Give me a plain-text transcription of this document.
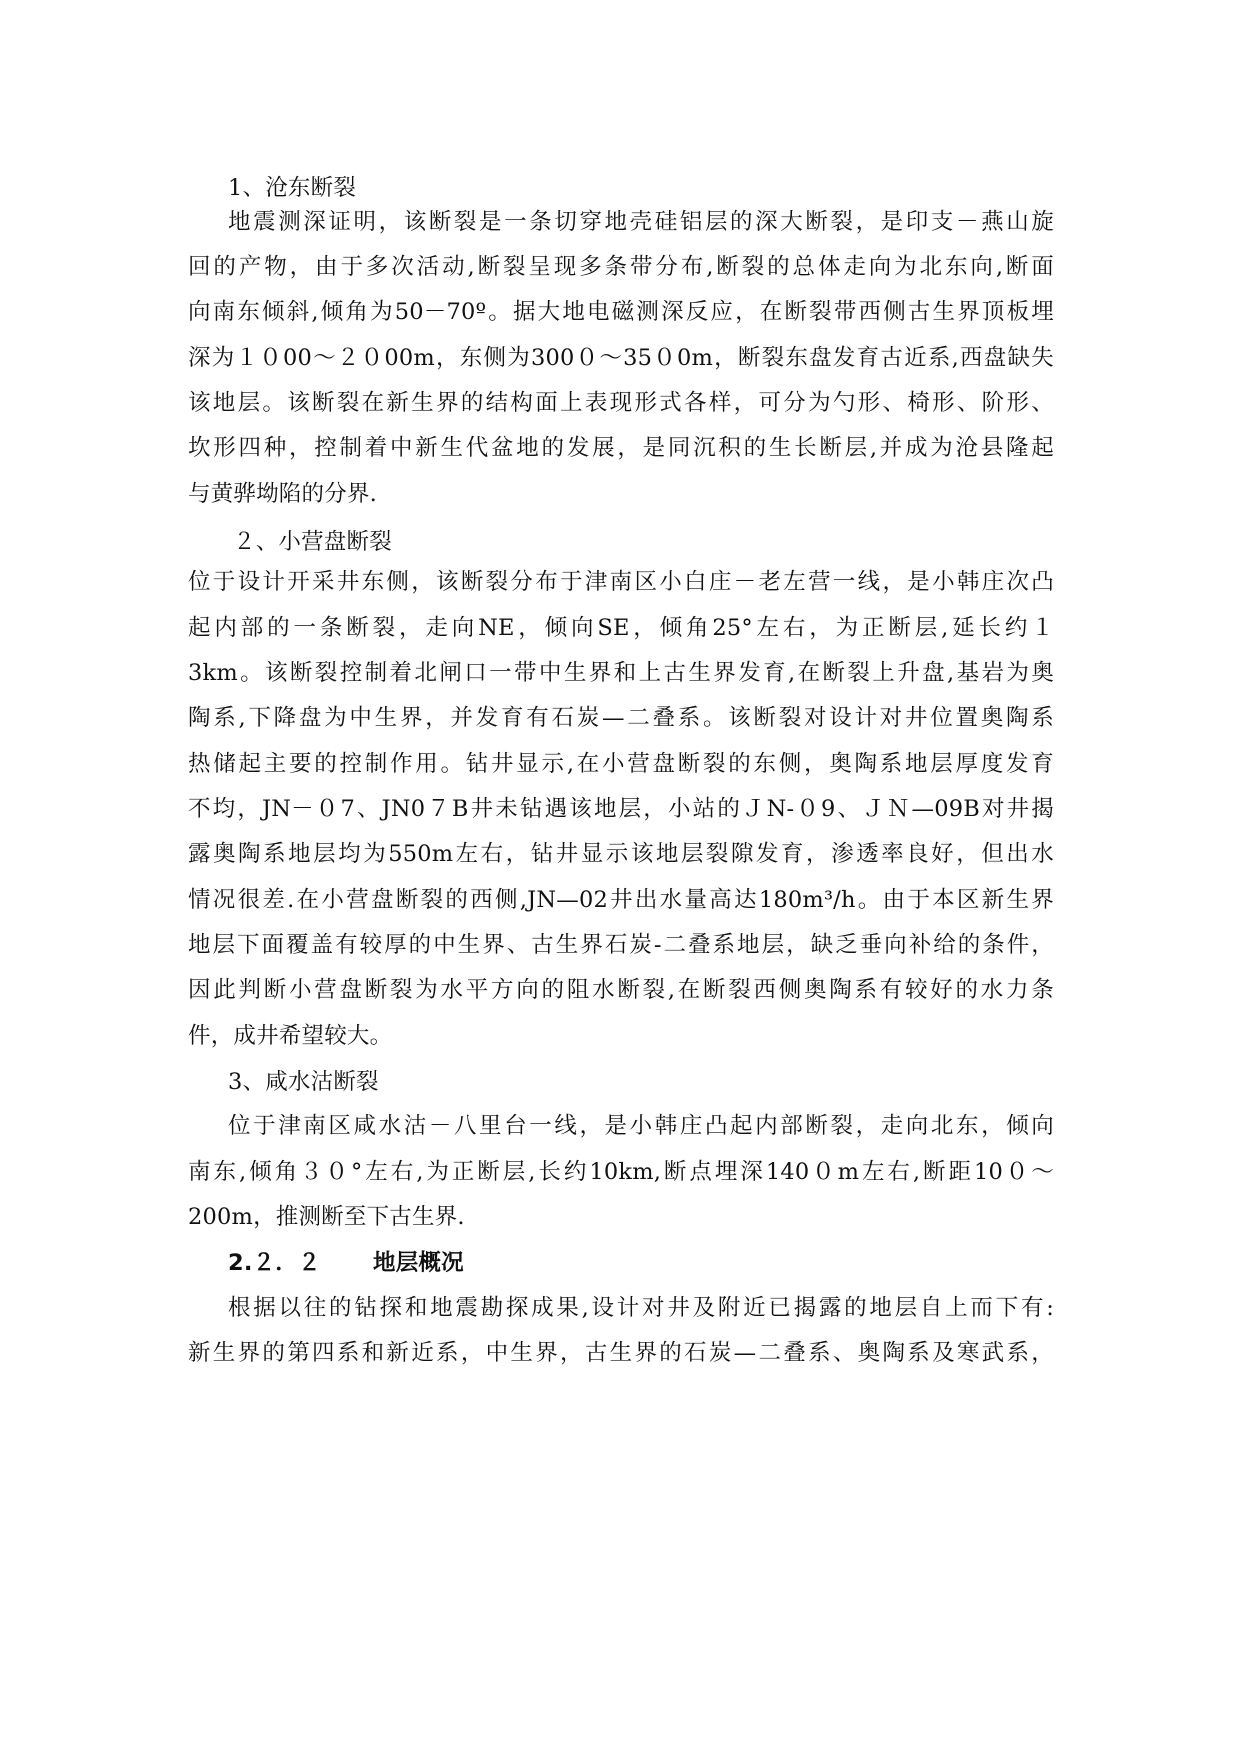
1、沧东断裂
地震测深证明，该断裂是一条切穿地壳硅铝层的深大断裂，是印支－燕山旋
回的产物，由于多次活动,断裂呈现多条带分布,断裂的总体走向为北东向,断面
向南东倾斜,倾角为50－70º。据大地电磁测深反应，在断裂带西侧古生界顶板埋
深为１０00～２０00m，东侧为300０～35０0m，断裂东盘发育古近系,西盘缺失
该地层。该断裂在新生界的结构面上表现形式各样，可分为勺形、椅形、阶形、
坎形四种，控制着中新生代盆地的发展，是同沉积的生长断层,并成为沧县隆起
与黄骅坳陷的分界.
２、小营盘断裂
位于设计开采井东侧，该断裂分布于津南区小白庄－老左营一线，是小韩庄次凸
起内部的一条断裂，走向NE，倾向SE，倾角25°左右，为正断层,延长约１
3km。该断裂控制着北闸口一带中生界和上古生界发育,在断裂上升盘,基岩为奥
陶系,下降盘为中生界，并发育有石炭—二叠系。该断裂对设计对井位置奥陶系
热储起主要的控制作用。钻井显示,在小营盘断裂的东侧，奥陶系地层厚度发育
不均，JN－０7、JN0７B井未钻遇该地层，小站的ＪN-０9、ＪＮ—09B对井揭
露奥陶系地层均为550m左右，钻井显示该地层裂隙发育，渗透率良好，但出水
情况很差.在小营盘断裂的西侧,JN—02井出水量高达180m³/h。由于本区新生界
地层下面覆盖有较厚的中生界、古生界石炭-二叠系地层，缺乏垂向补给的条件，
因此判断小营盘断裂为水平方向的阻水断裂,在断裂西侧奥陶系有较好的水力条
件，成井希望较大。
3、咸水沽断裂
位于津南区咸水沽－八里台一线，是小韩庄凸起内部断裂，走向北东，倾向
南东,倾角３０°左右,为正断层,长约10km,断点埋深140０m左右,断距10０～
200m，推测断至下古生界.
2.２．２ 地层概况
根据以往的钻探和地震勘探成果,设计对井及附近已揭露的地层自上而下有:
新生界的第四系和新近系，中生界，古生界的石炭—二叠系、奥陶系及寒武系，
